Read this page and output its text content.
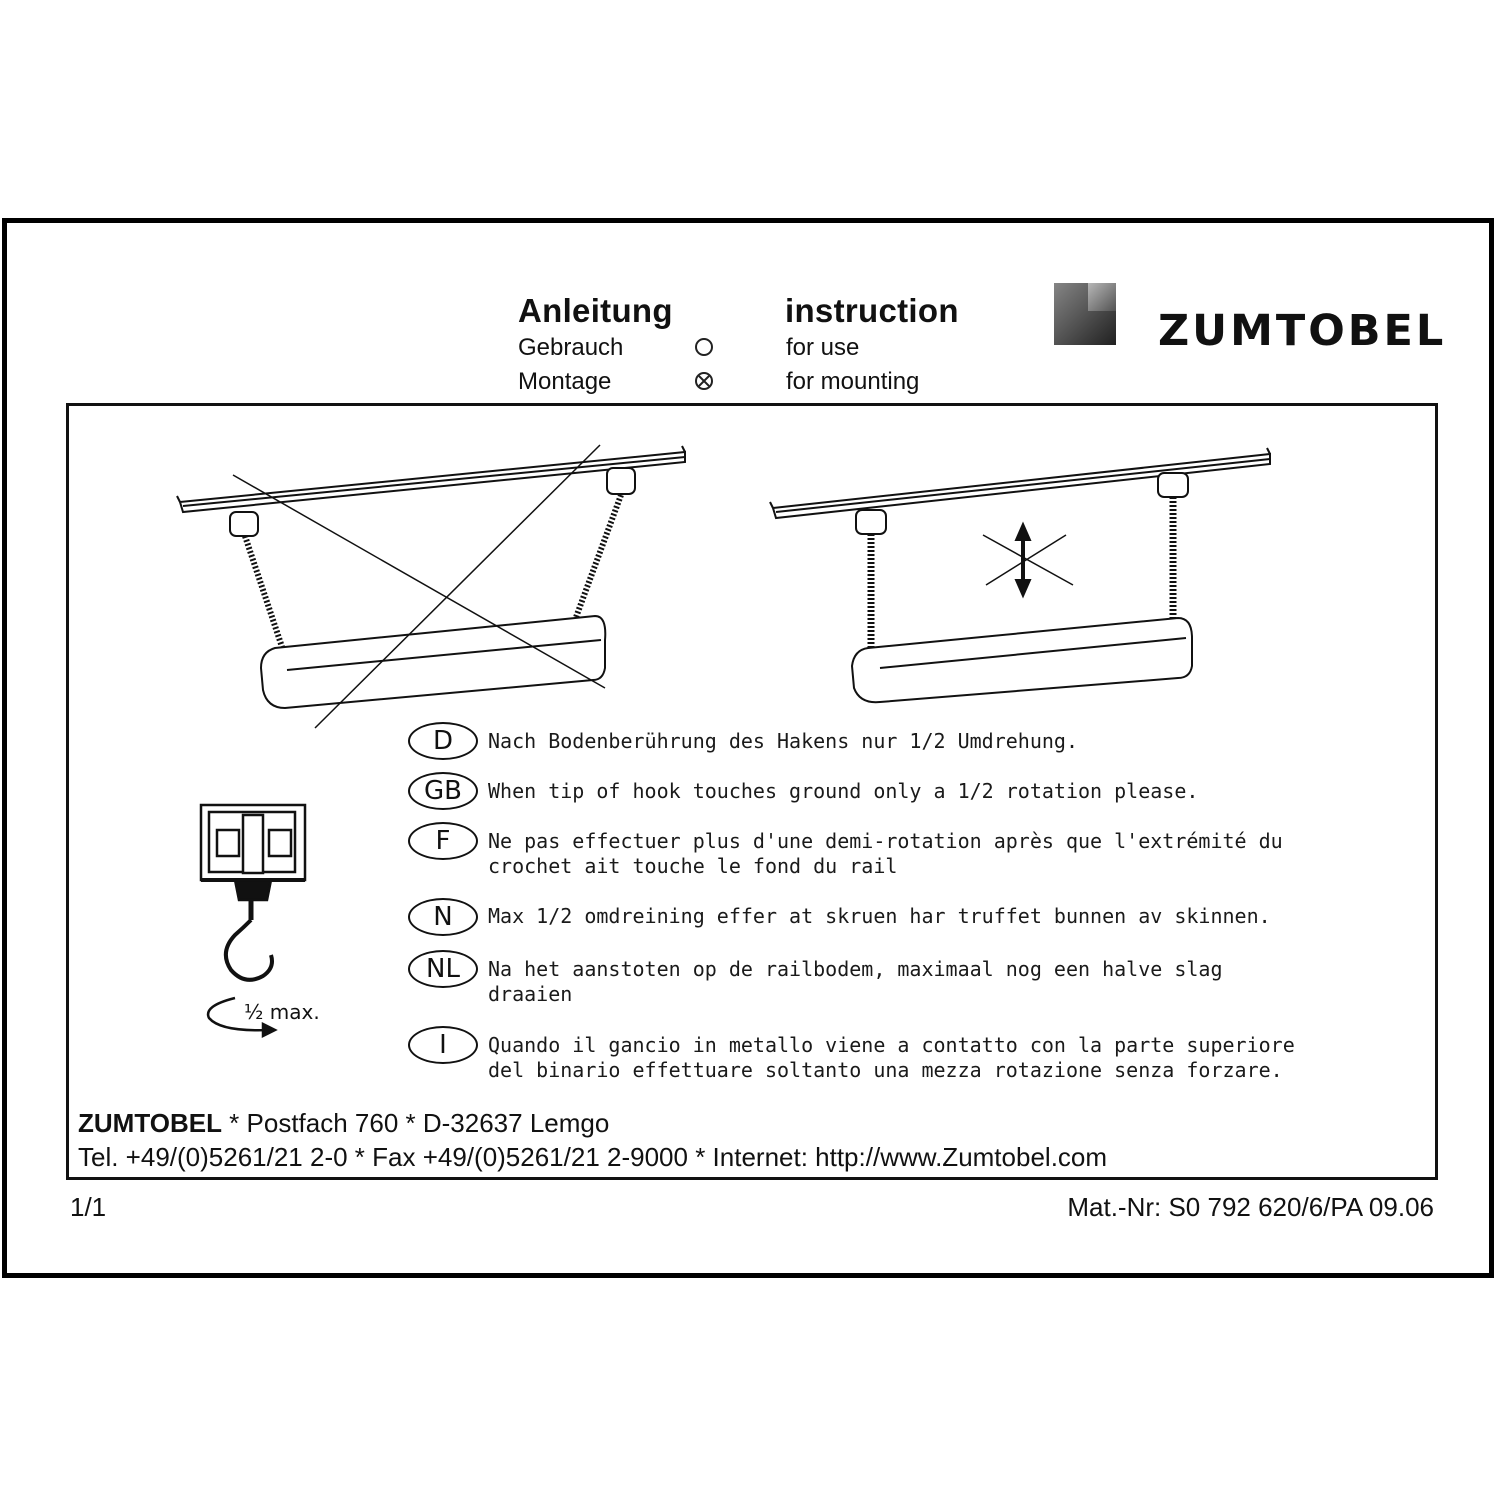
Anleitung	instruction
Gebrauch	for use
Montage	for mounting
ZUMTOBEL
½ max.
D	Nach Bodenberührung des Hakens nur 1/2 Umdrehung.
GB	When tip of hook touches ground only a 1/2 rotation please.
F	Ne pas effectuer plus d'une demi-rotation après que l'extrémité du
crochet ait touche le fond du rail
N	Max 1/2 omdreining effer at skruen har truffet bunnen av skinnen.
NL	Na het aanstoten op de railbodem, maximaal nog een halve slag
draaien
I	Quando il gancio in metallo viene a contatto con la parte superiore
del binario effettuare soltanto una mezza rotazione senza forzare.
ZUMTOBEL * Postfach 760 * D-32637 Lemgo
Tel. +49/(0)5261/21 2-0 * Fax +49/(0)5261/21 2-9000 * Internet: http://www.Zumtobel.com
1/1	Mat.-Nr: S0 792 620/6/PA 09.06
